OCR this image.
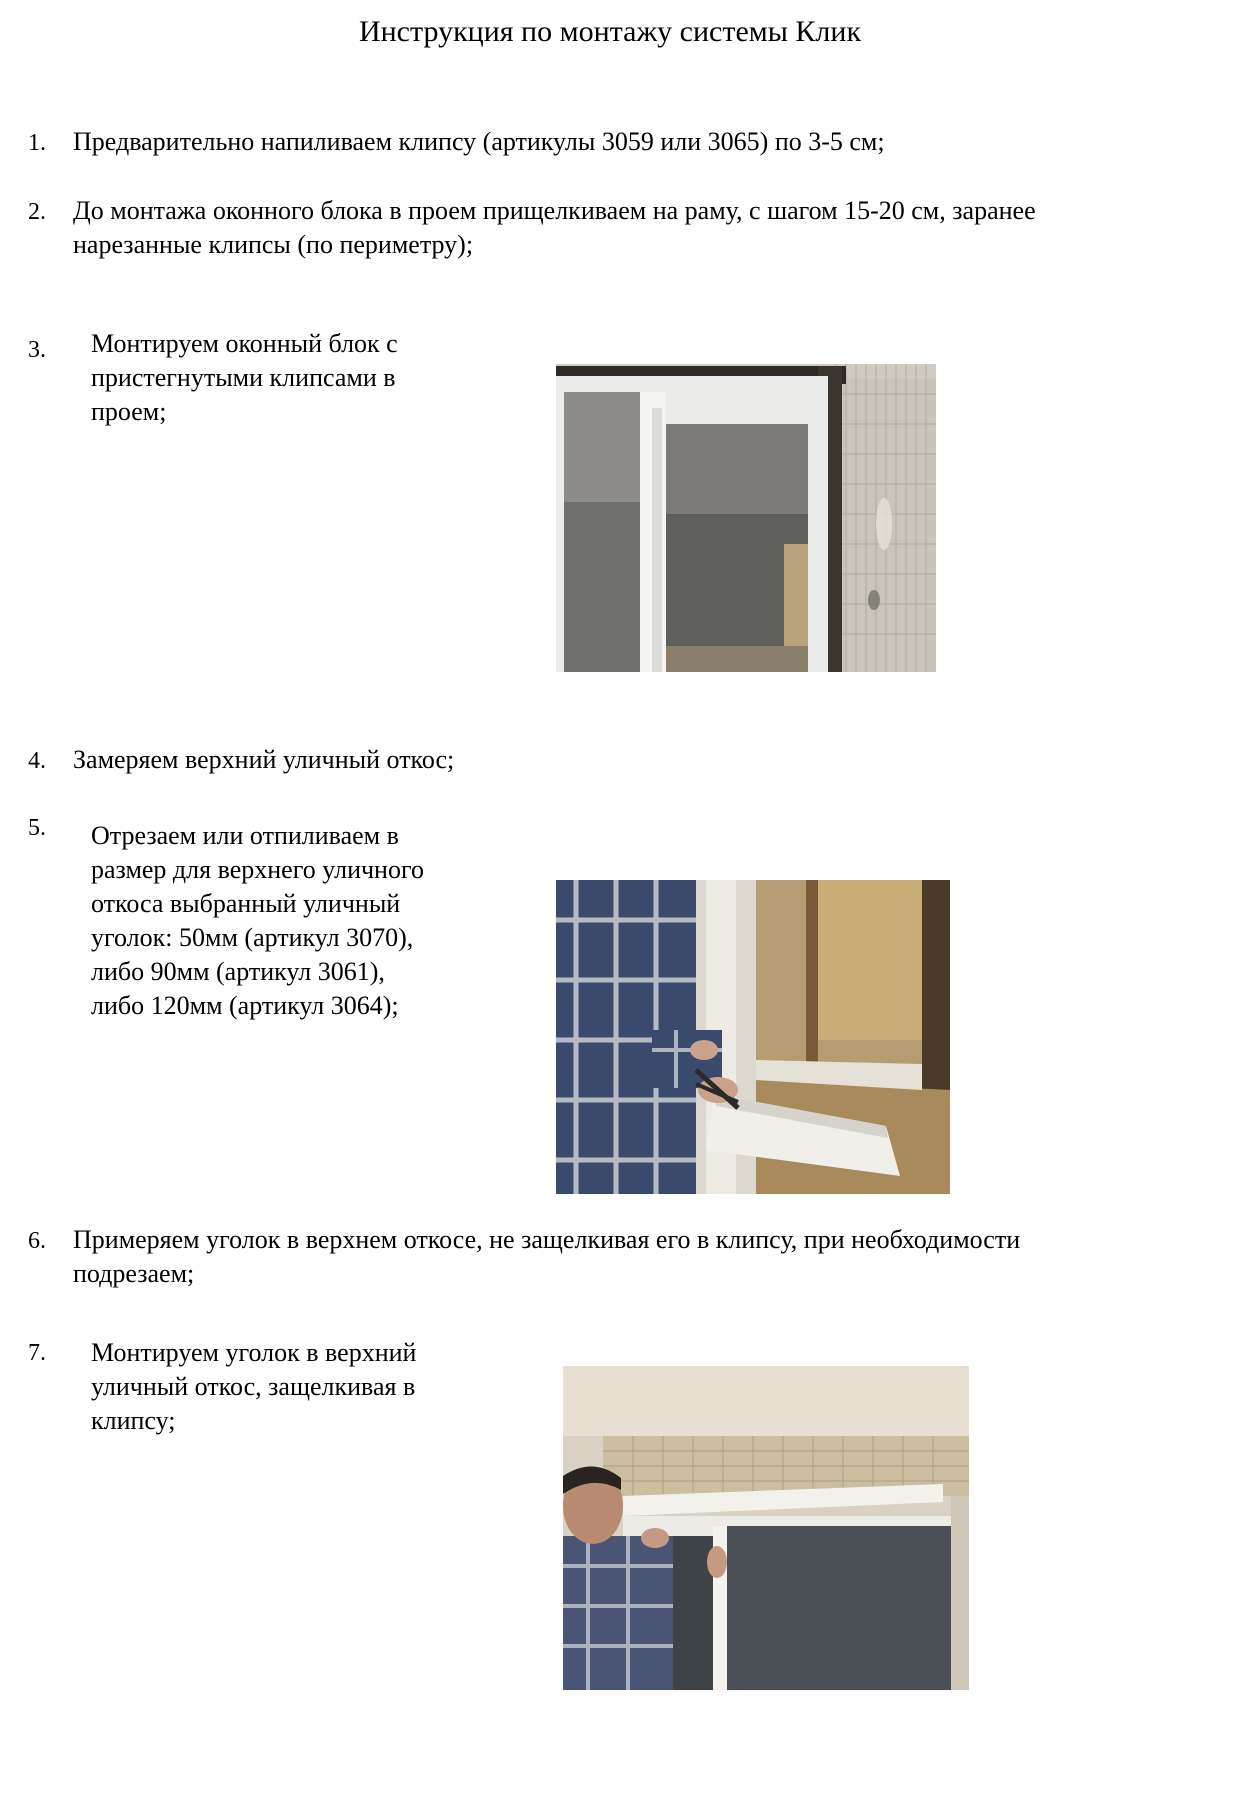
Инструкция по монтажу системы Клик
1. Предварительно напиливаем клипсу (артикулы 3059 или 3065) по 3-5 см;
2. До монтажа оконного блока в проем прищелкиваем на раму, с шагом 15-20 см, заранее
нарезанные клипсы (по периметру);
3. Монтируем оконный блок с
пристегнутыми клипсами в
проем;
4. Замеряем верхний уличный откос;
5. Отрезаем или отпиливаем в
размер для верхнего уличного
откоса выбранный уличный
уголок: 50мм (артикул 3070),
либо 90мм (артикул 3061),
либо 120мм (артикул 3064);
6. Примеряем уголок в верхнем откосе, не защелкивая его в клипсу, при необходимости
подрезаем;
7. Монтируем уголок в верхний
уличный откос, защелкивая в
клипсу;
